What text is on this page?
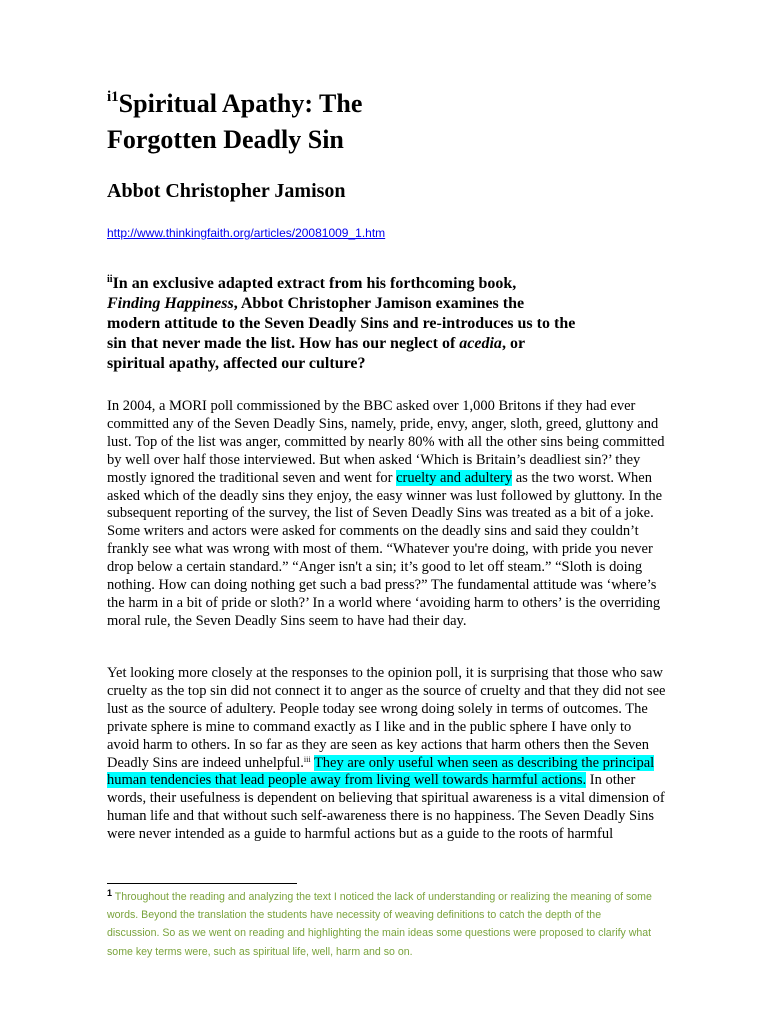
$^{i1}$Spiritual Apathy: The
Forgotten Deadly Sin
Abbot Christopher Jamison
http://www.thinkingfaith.org/articles/20081009_1.htm

$^{ii}$In an exclusive adapted extract from his forthcoming book,
Finding Happiness, Abbot Christopher Jamison examines the modern attitude to the Seven Deadly Sins and re-introduces us to the sin that never made the list. How has our neglect of acedia, or spiritual apathy, affected our culture?

In 2004, a MORI poll commissioned by the BBC asked over 1,000 Britons if they had ever committed any of the Seven Deadly Sins, namely, pride, envy, anger, sloth, greed, gluttony and lust. Top of the list was anger, committed by nearly 80% with all the other sins being committed by well over half those interviewed. But when asked ‘Which is Britain’s deadliest sin?’ they mostly ignored the traditional seven and went for cruelty and adultery as the two worst. When asked which of the deadly sins they enjoy, the easy winner was lust followed by gluttony. In the subsequent reporting of the survey, the list of Seven Deadly Sins was treated as a bit of a joke. Some writers and actors were asked for comments on the deadly sins and said they couldn’t frankly see what was wrong with most of them. “Whatever you're doing, with pride you never drop below a certain standard.” “Anger isn't a sin; it’s good to let off steam.” “Sloth is doing nothing. How can doing nothing get such a bad press?” The fundamental attitude was ‘where’s the harm in a bit of pride or sloth?’ In a world where ‘avoiding harm to others’ is the overriding moral rule, the Seven Deadly Sins seem to have had their day.

Yet looking more closely at the responses to the opinion poll, it is surprising that those who saw cruelty as the top sin did not connect it to anger as the source of cruelty and that they did not see lust as the source of adultery. People today see wrong doing solely in terms of outcomes. The private sphere is mine to command exactly as I like and in the public sphere I have only to avoid harm to others. In so far as they are seen as key actions that harm others then the Seven Deadly Sins are indeed unhelpful.$^{iii}$ They are only useful when seen as describing the principal human tendencies that lead people away from living well towards harmful actions. In other words, their usefulness is dependent on believing that spiritual awareness is a vital dimension of human life and that without such self-awareness there is no happiness. The Seven Deadly Sins were never intended as a guide to harmful actions but as a guide to the roots of harmful

$^1$ Throughout the reading and analyzing the text I noticed the lack of understanding or realizing the meaning of some words. Beyond the translation the students have necessity of weaving definitions to catch the depth of the discussion. So as we went on reading and highlighting the main ideas some questions were proposed to clarify what some key terms were, such as spiritual life, well, harm and so on.
